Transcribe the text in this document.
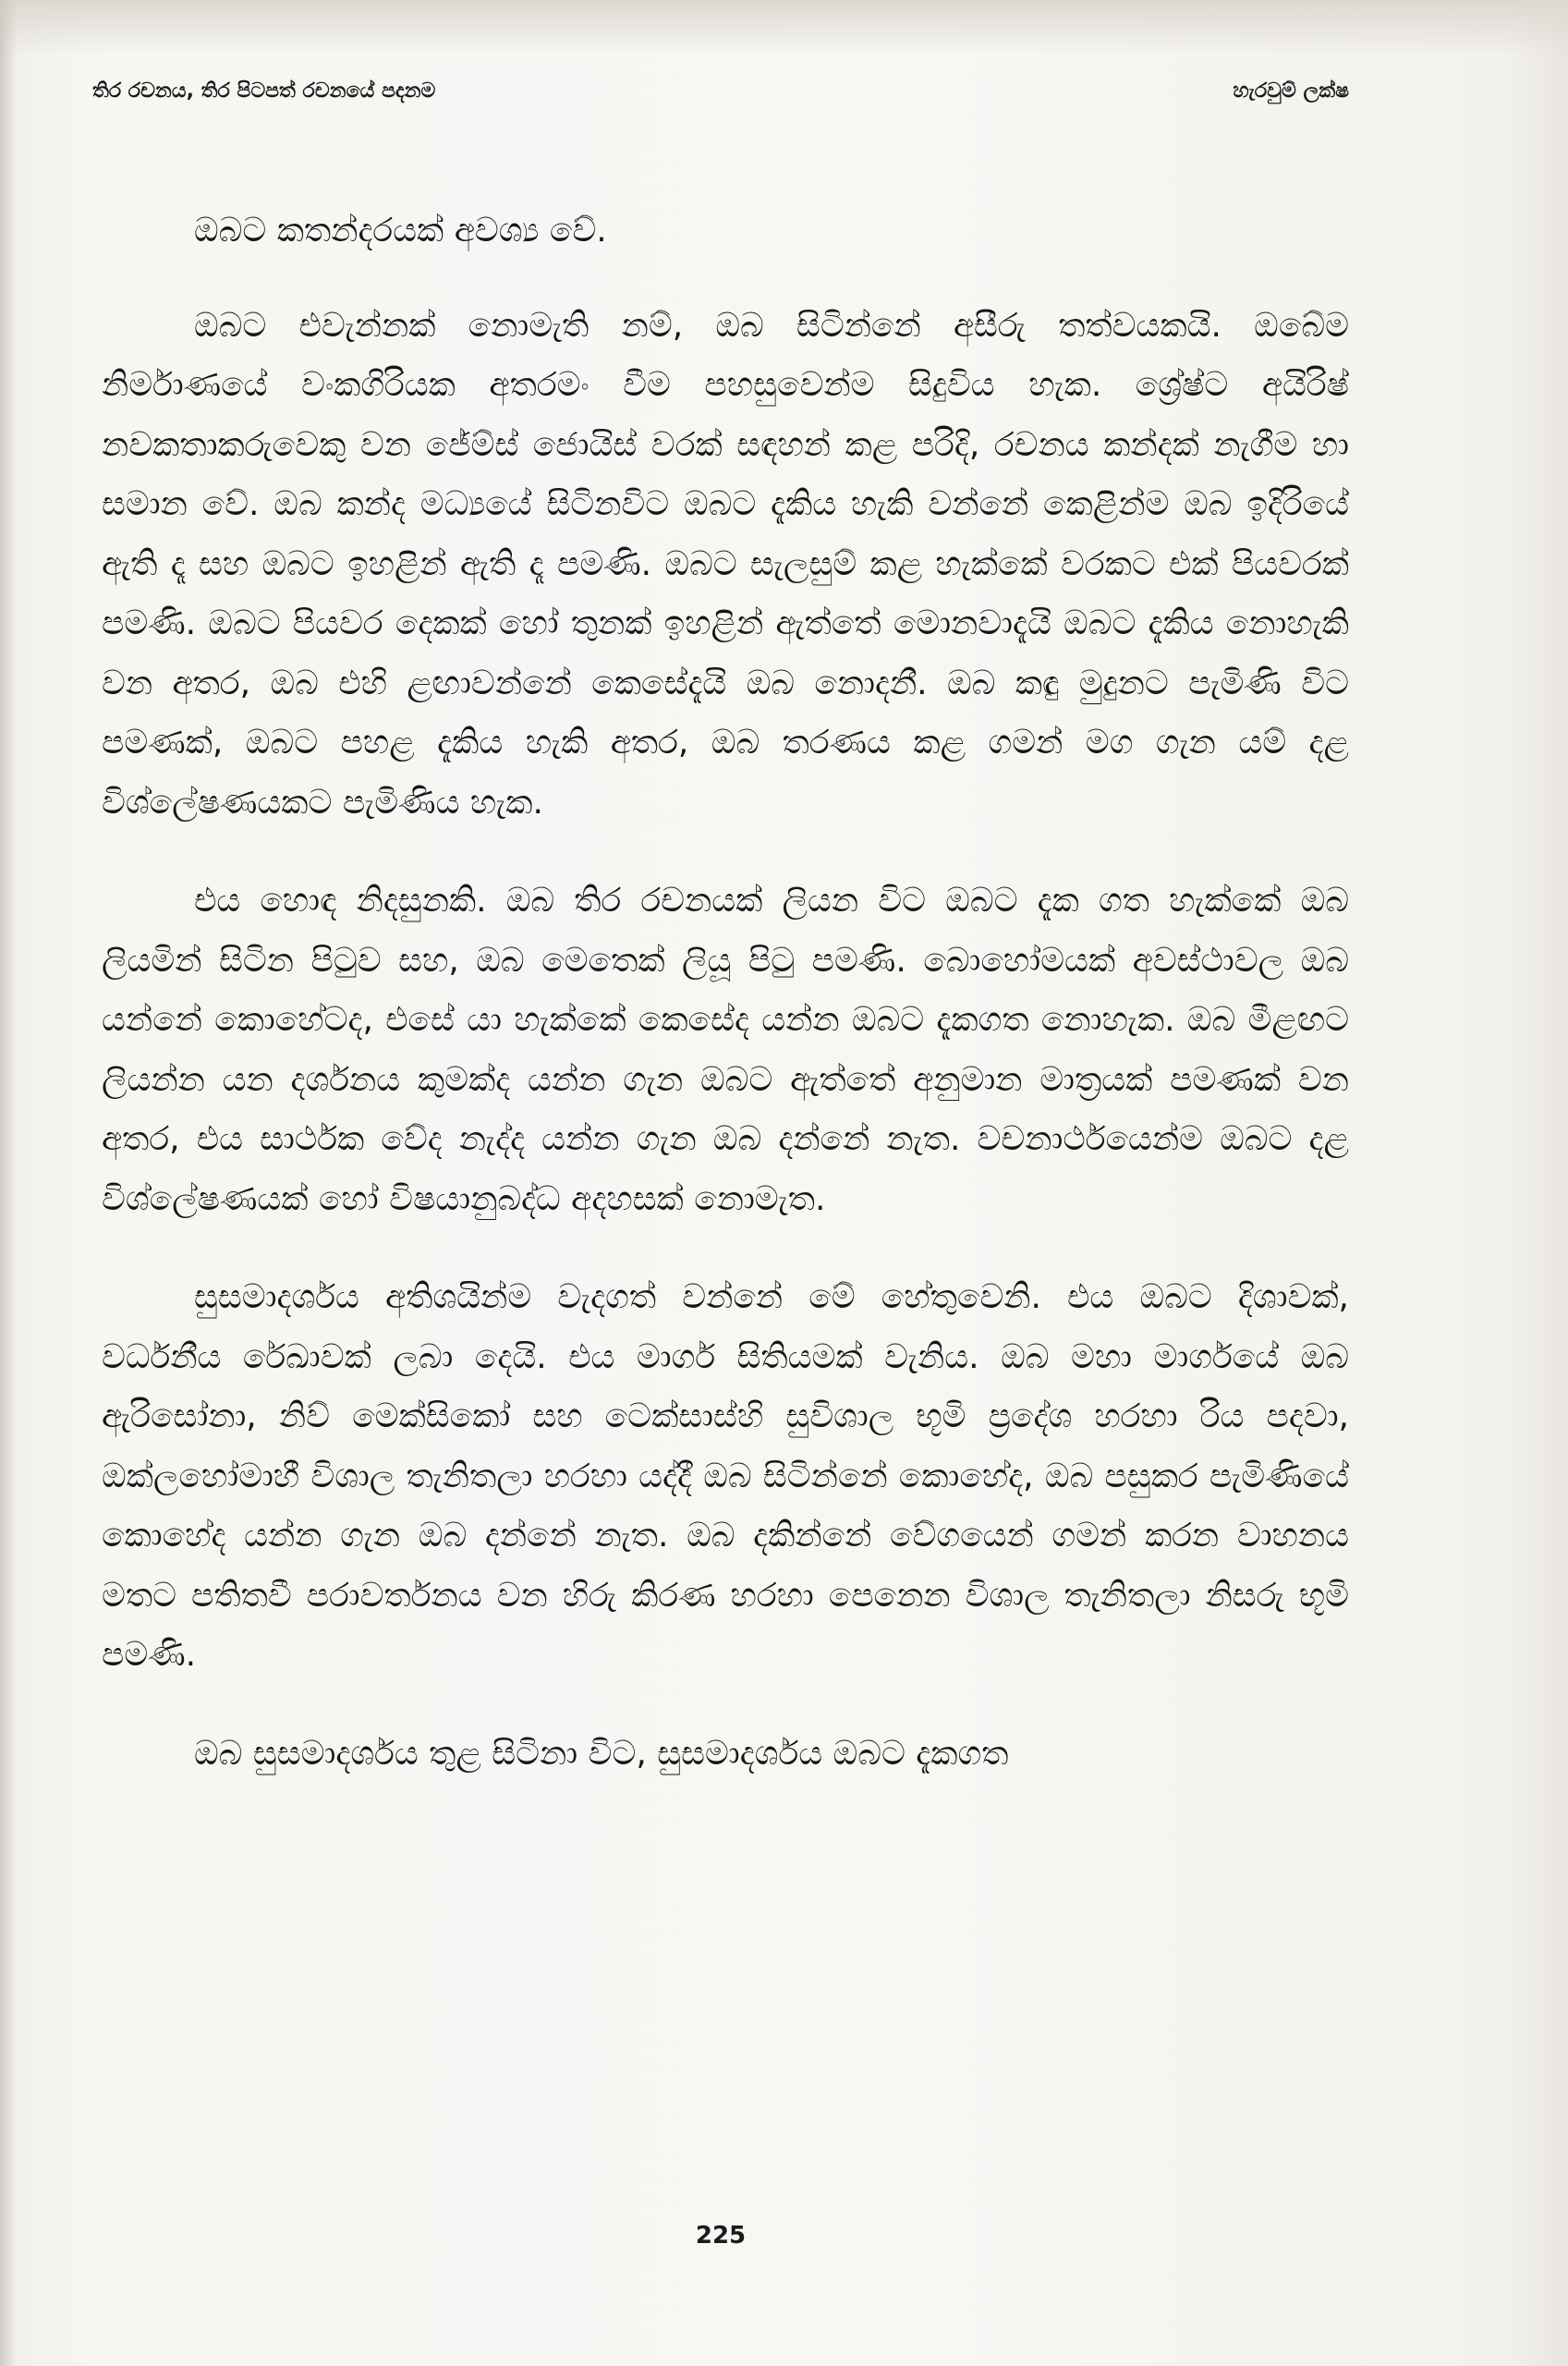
තිර රචනය, තිර පිටපත් රචනයේ පදනම	හැරවුම් ලක්ෂ

ඔබට කතන්දරයක් අවශ්‍ය වේ.

ඔබට එවැන්නක් නොමැති නම්, ඔබ සිටින්නේ අසීරු තත්වයකයි. ඔබේම නිර්මාණයේ වංකගිරියක අතරමං වීම පහසුවෙන්ම සිදුවිය හැක. ශ්‍රේෂ්ට අයිරිෂ් නවකතාකරුවෙකු වන ජේම්ස් ජොයිස් වරක් සඳහන් කළ පරිදි, රචනය කන්දක් නැගීම හා සමාන වේ. ඔබ කන්ද මධ්‍යයේ සිටිනවිට ඔබට දැකිය හැකි වන්නේ කෙළින්ම ඔබ ඉදිරියේ ඇති දෑ සහ ඔබට ඉහළින් ඇති දෑ පමණි. ඔබට සැලසුම් කළ හැක්කේ වරකට එක් පියවරක් පමණි. ඔබට පියවර දෙකක් හෝ තුනක් ඉහළින් ඇත්තේ මොනවාදැයි ඔබට දැකිය නොහැකි වන අතර, ඔබ එහි ළඟාවන්නේ කෙසේදැයි ඔබ නොදනී. ඔබ කඳු මුදුනට පැමිණි විට පමණක්, ඔබට පහළ දැකිය හැකි අතර, ඔබ තරණය කළ ගමන් මග ගැන යම් දළ විශ්ලේෂණයකට පැමිණිය හැක.

එය හොඳ නිදසුනකි. ඔබ තිර රචනයක් ලියන විට ඔබට දැක ගත හැක්කේ ඔබ ලියමින් සිටින පිටුව සහ, ඔබ මෙතෙක් ලියූ පිටු පමණි. බොහෝමයක් අවස්ථාවල ඔබ යන්නේ කොහේටද, එසේ යා හැක්කේ කෙසේද යන්න ඔබට දැකගත නොහැක. ඔබ මීළඟට ලියන්න යන දර්ශනය කුමක්ද යන්න ගැන ඔබට ඇත්තේ අනුමාන මාත්‍රයක් පමණක් වන අතර, එය සාර්ථක වේද නැද්ද යන්න ගැන ඔබ දන්නේ නැත. වචනාර්ථයෙන්ම ඔබට දළ විශ්ලේෂණයක් හෝ විෂයානුබද්ධ අදහසක් නොමැත.

සුසමාදර්ශය අතිශයින්ම වැදගත් වන්නේ මේ හේතුවෙනි. එය ඔබට දිශාවක්, වර්ධනීය රේඛාවක් ලබා දෙයි. එය මාර්ග සිතියමක් වැනිය. ඔබ මහා මාර්ගයේ ඔබ ඇරිසෝනා, නිව් මෙක්සිකෝ සහ ටෙක්සාස්හි සුවිශාල භූමි ප්‍රදේශ හරහා රිය පදවා, ඔක්ලහෝමාහී විශාල තැනිතලා හරහා යද්දී ඔබ සිටින්නේ කොහේද, ඔබ පසුකර පැමිණියේ කොහේද යන්න ගැන ඔබ දන්නේ නැත. ඔබ දකින්නේ වේගයෙන් ගමන් කරන වාහනය මතට පතිතවී පරාවර්තනය වන හිරු කිරණ හරහා පෙනෙන විශාල තැනිතලා නිසරු භූමි පමණි.

ඔබ සුසමාදර්ශය තුළ සිටිනා විට, සුසමාදර්ශය ඔබට දැකගත

225
